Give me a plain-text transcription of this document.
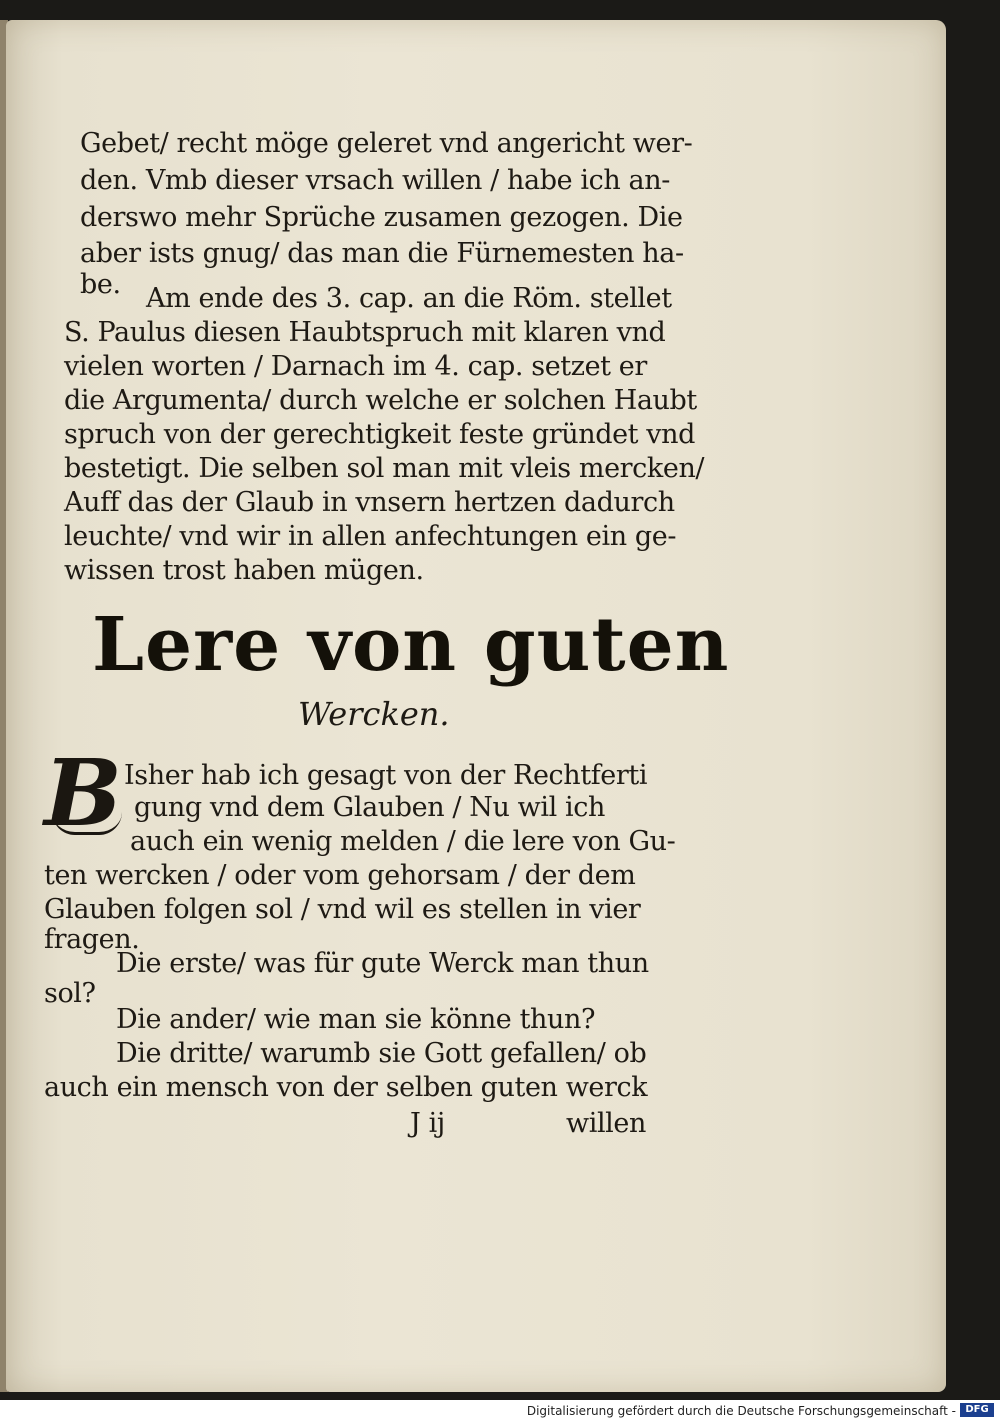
Gebet/ recht möge geleret vnd angericht wer-
den. Vmb dieser vrsach willen / habe ich an-
derswo mehr Sprüche zusamen gezogen. Die
aber ists gnug/ das man die Fürnemesten ha-
be. Am ende des 3. cap. an die Röm. stellet
S. Paulus diesen Haubtspruch mit klaren vnd
vielen worten / Darnach im 4. cap. setzet er
die Argumenta/ durch welche er solchen Haubt
spruch von der gerechtigkeit feste gründet vnd
bestetigt. Die selben sol man mit vleis mercken/
Auff das der Glaub in vnsern hertzen dadurch
leuchte/ vnd wir in allen anfechtungen ein ge-
wissen trost haben mügen.
Lere von guten
Wercken.
B Isher hab ich gesagt von der Rechtferti
gung vnd dem Glauben / Nu wil ich
auch ein wenig melden / die lere von Gu-
ten wercken / oder vom gehorsam / der dem
Glauben folgen sol / vnd wil es stellen in vier
fragen.
Die erste/ was für gute Werck man thun
sol?
Die ander/ wie man sie könne thun?
Die dritte/ warumb sie Gott gefallen/ ob
auch ein mensch von der selben guten werck
J ij	willen
Digitalisierung gefördert durch die Deutsche Forschungsgemeinschaft - DFG
